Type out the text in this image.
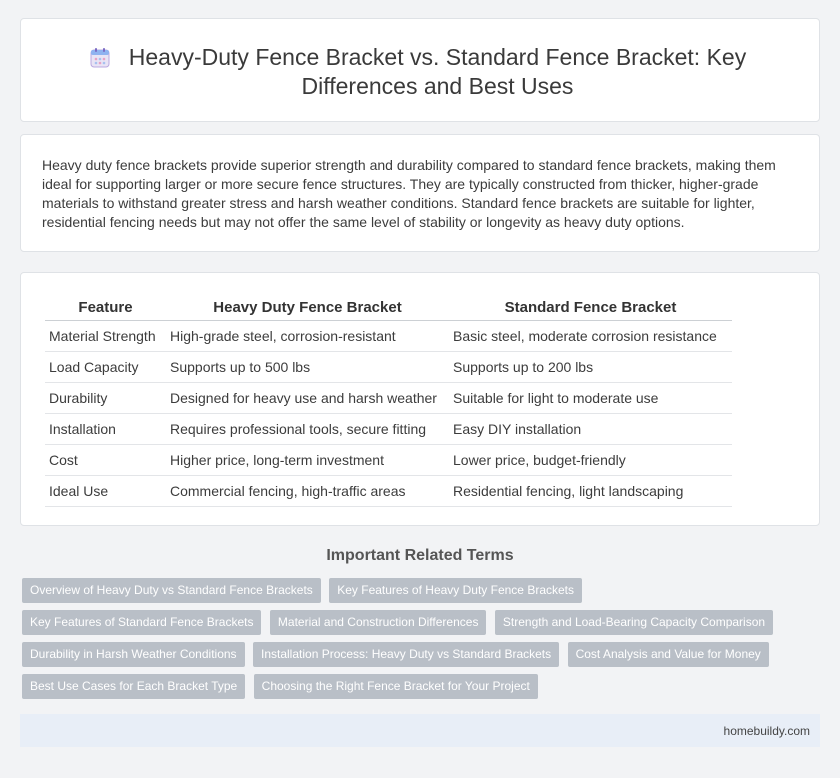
Heavy-Duty Fence Bracket vs. Standard Fence Bracket: Key Differences and Best Uses

Heavy duty fence brackets provide superior strength and durability compared to standard fence brackets, making them ideal for supporting larger or more secure fence structures. They are typically constructed from thicker, higher-grade materials to withstand greater stress and harsh weather conditions. Standard fence brackets are suitable for lighter, residential fencing needs but may not offer the same level of stability or longevity as heavy duty options.

Feature	Heavy Duty Fence Bracket	Standard Fence Bracket
Material Strength	High-grade steel, corrosion-resistant	Basic steel, moderate corrosion resistance
Load Capacity	Supports up to 500 lbs	Supports up to 200 lbs
Durability	Designed for heavy use and harsh weather	Suitable for light to moderate use
Installation	Requires professional tools, secure fitting	Easy DIY installation
Cost	Higher price, long-term investment	Lower price, budget-friendly
Ideal Use	Commercial fencing, high-traffic areas	Residential fencing, light landscaping
Important Related Terms
Overview of Heavy Duty vs Standard Fence Brackets Key Features of Heavy Duty Fence Brackets Key Features of Standard Fence Brackets Material and Construction Differences Strength and Load-Bearing Capacity Comparison Durability in Harsh Weather Conditions Installation Process: Heavy Duty vs Standard Brackets Cost Analysis and Value for Money Best Use Cases for Each Bracket Type Choosing the Right Fence Bracket for Your Project
homebuildy.com
